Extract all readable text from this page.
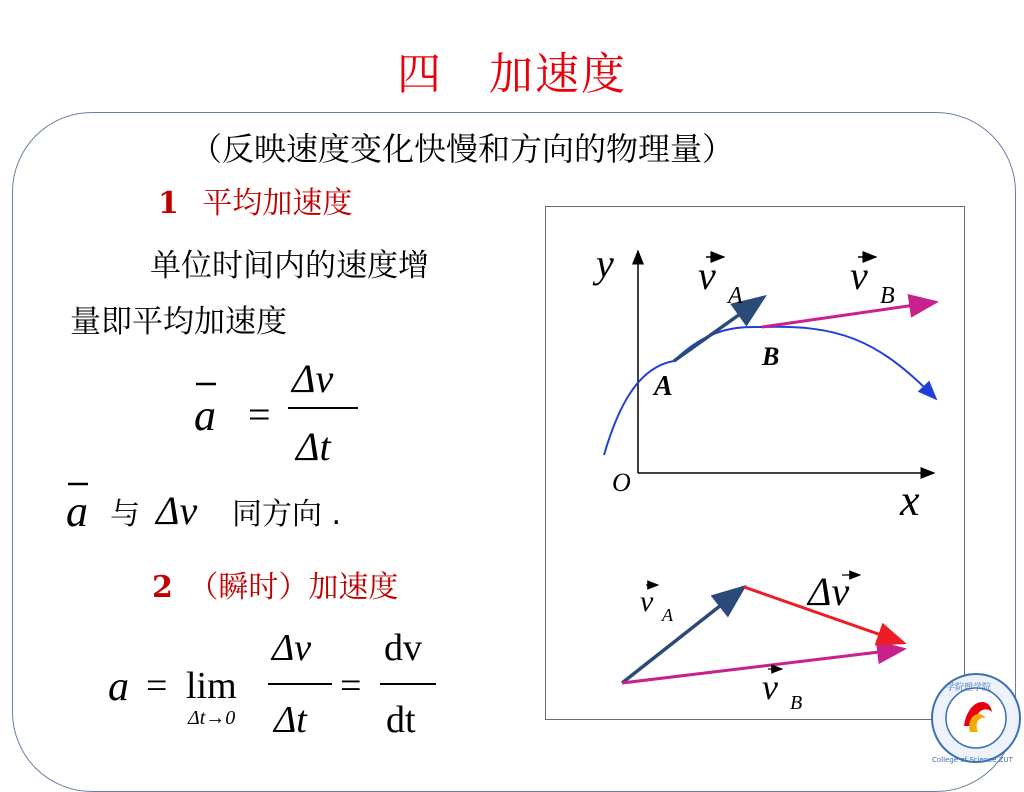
四　加速度
（反映速度变化快慢和方向的物理量）
1 平均加速度
单位时间内的速度增
量即平均加速度
a =
Δv
Δt
a 与 Δv 同方向 .
2 （瞬时）加速度
a = lim
Δt→0
Δv
Δt
=
dv
dt
y
x
O
A
B
v A	v B
v A
v B
Δv
学院理学院
College of Science,ZUT
